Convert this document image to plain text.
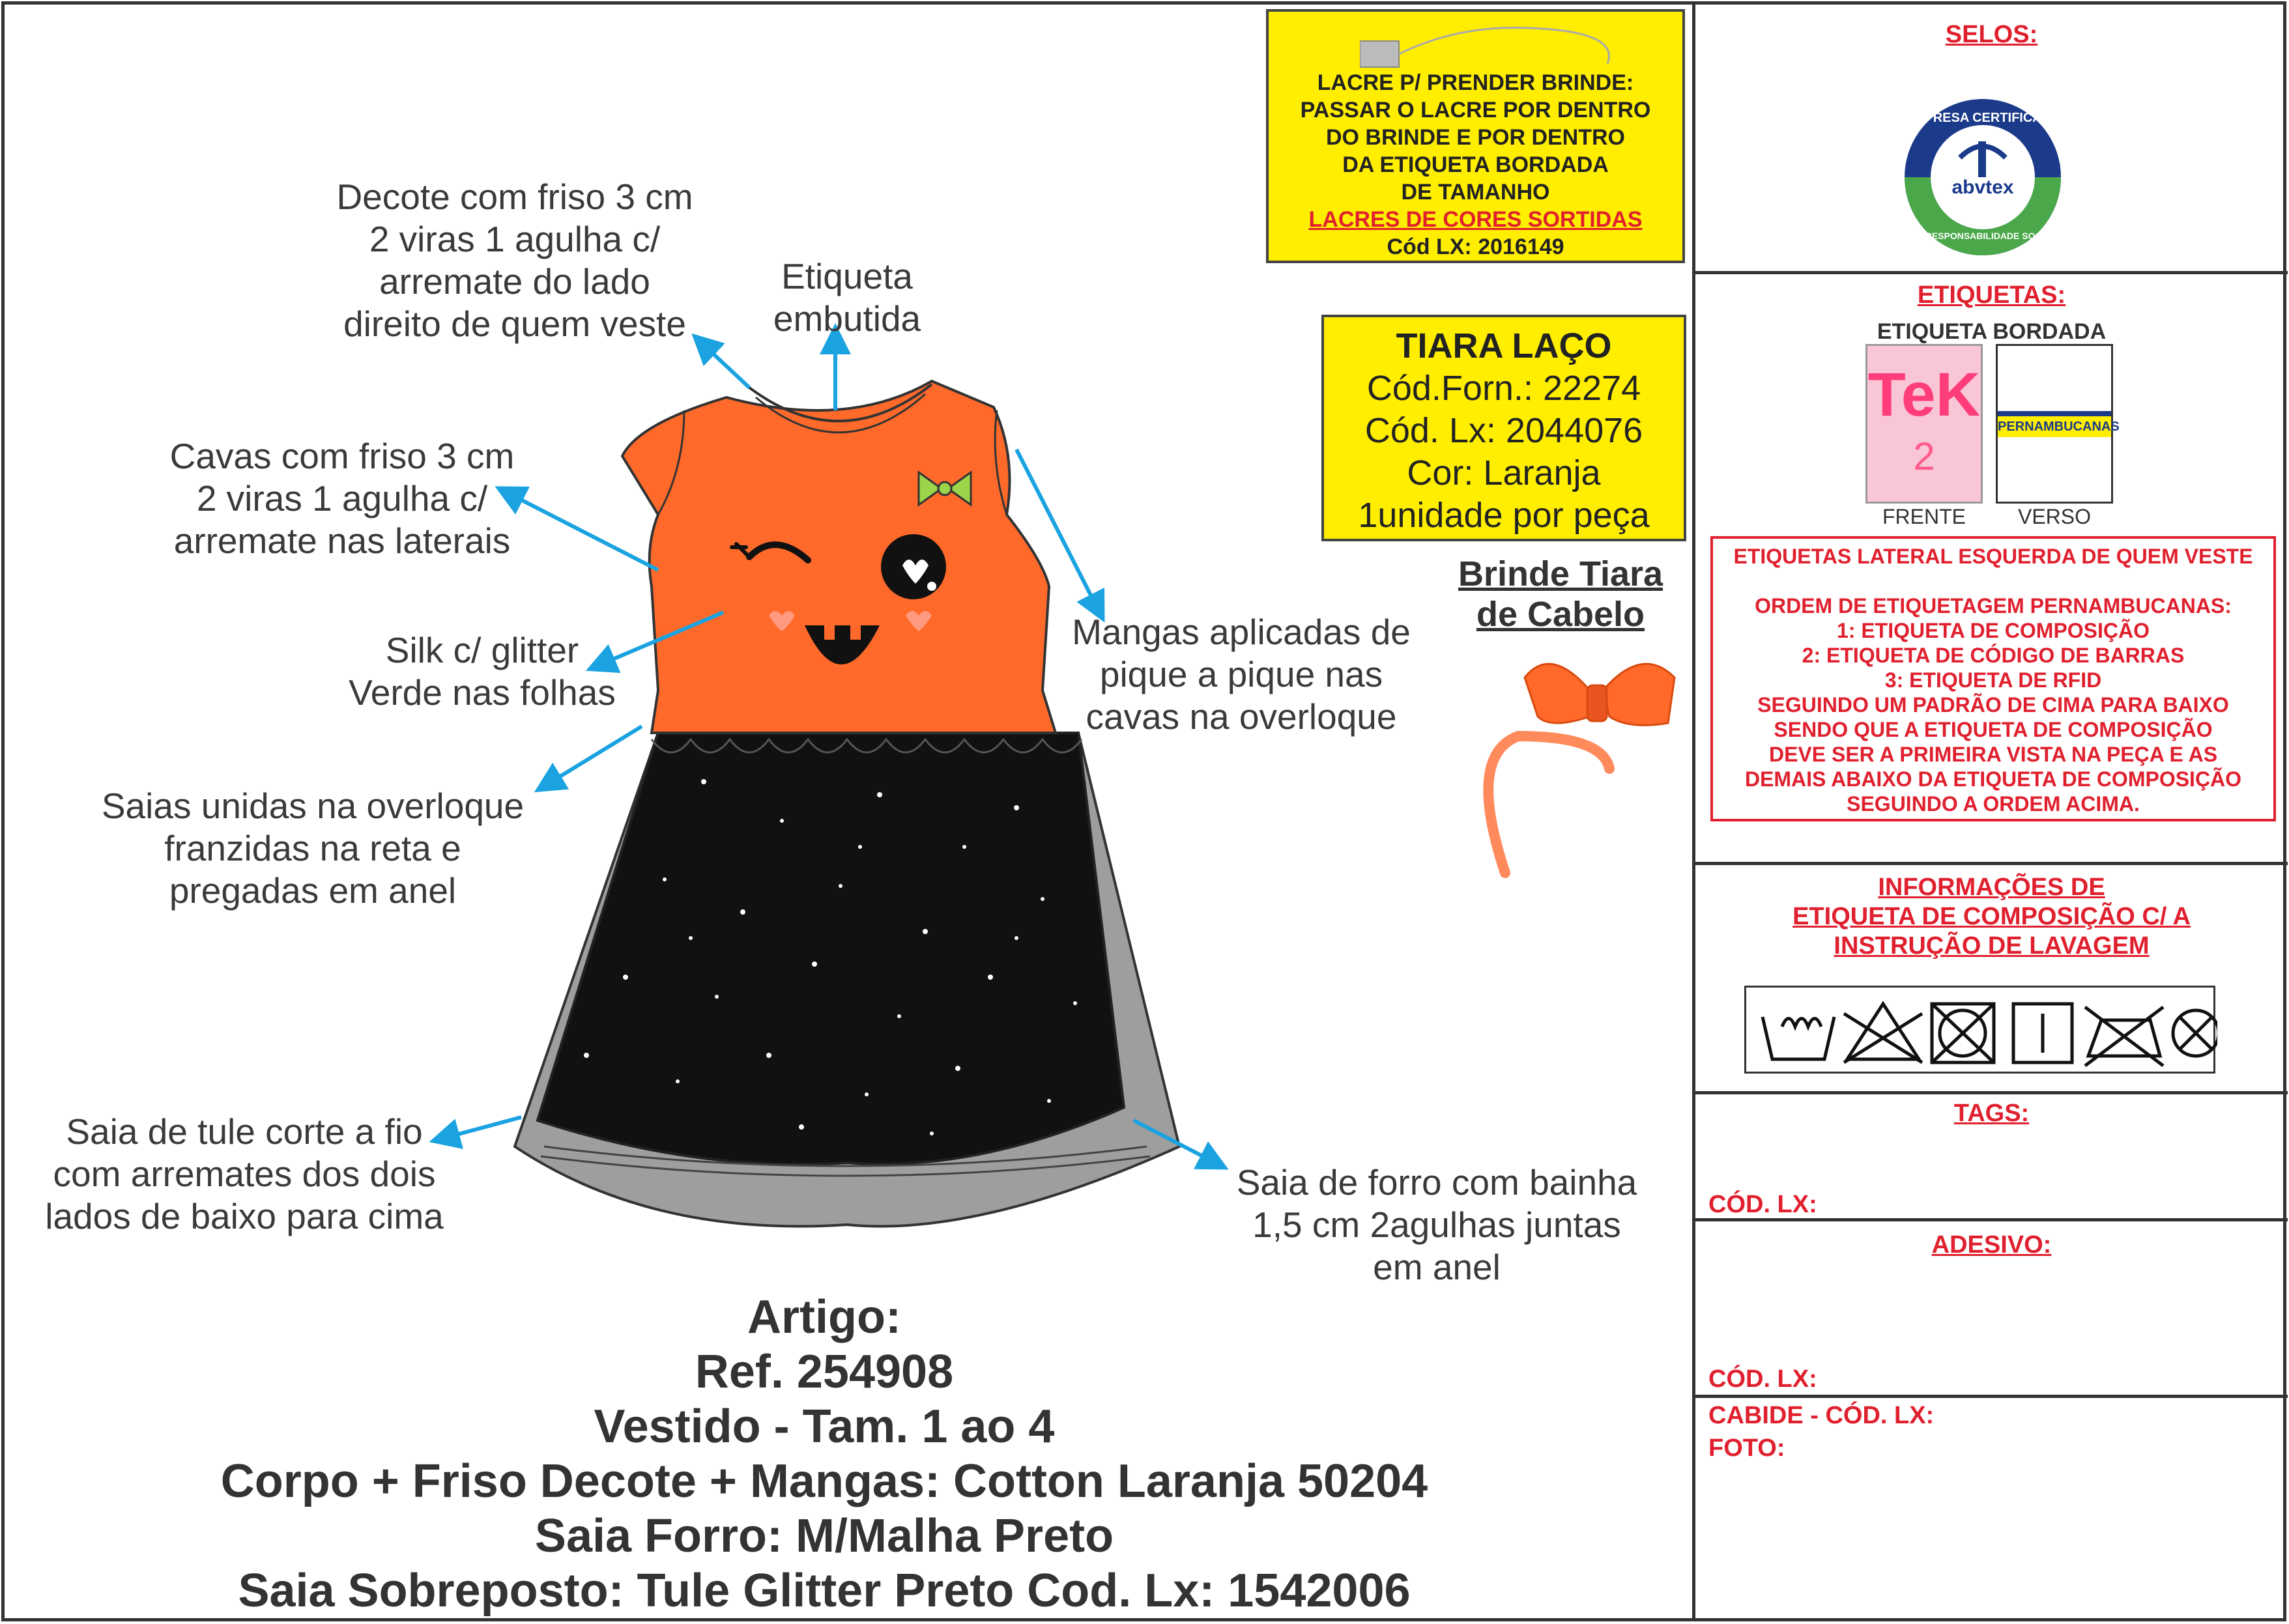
Decote com friso 3 cm
2 viras 1 agulha c/
arremate do lado
direito de quem veste
Etiqueta
embutida
Cavas com friso 3 cm
2 viras 1 agulha c/
arremate nas laterais
Silk c/ glitter
Verde nas folhas
Mangas aplicadas de
pique a pique nas
cavas na overloque
Saias unidas na overloque
franzidas na reta e
pregadas em anel
Saia de tule corte a fio
com arremates dos dois
lados de baixo para cima
Saia de forro com bainha
1,5 cm 2agulhas juntas
em anel
LACRE P/ PRENDER BRINDE:
PASSAR O LACRE POR DENTRO
DO BRINDE E POR DENTRO
DA ETIQUETA BORDADA
DE TAMANHO
LACRES DE CORES SORTIDAS
Cód LX: 2016149
TIARA LAÇO
Cód.Forn.: 22274
Cód. Lx: 2044076
Cor: Laranja
1unidade por peça
Brinde Tiara
de Cabelo
Artigo:
Ref. 254908
Vestido - Tam. 1 ao 4
Corpo + Friso Decote + Mangas: Cotton Laranja 50204
Saia Forro: M/Malha Preto
Saia Sobreposto: Tule Glitter Preto Cod. Lx: 1542006
SELOS:
EMPRESA CERTIFICADA
abvtex
EM RESPONSABILIDADE SOCIAL
ETIQUETAS:
ETIQUETA BORDADA
TeK
2
PERNAMBUCANAS
FRENTE	VERSO
ETIQUETAS LATERAL ESQUERDA DE QUEM VESTE
ORDEM DE ETIQUETAGEM PERNAMBUCANAS:
1: ETIQUETA DE COMPOSIÇÃO
2: ETIQUETA DE CÓDIGO DE BARRAS
3: ETIQUETA DE RFID
SEGUINDO UM PADRÃO DE CIMA PARA BAIXO
SENDO QUE A ETIQUETA DE COMPOSIÇÃO
DEVE SER A PRIMEIRA VISTA NA PEÇA E AS
DEMAIS ABAIXO DA ETIQUETA DE COMPOSIÇÃO
SEGUINDO A ORDEM ACIMA.
INFORMAÇÕES DE
ETIQUETA DE COMPOSIÇÃO C/ A
INSTRUÇÃO DE LAVAGEM
TAGS:
CÓD. LX:
ADESIVO:
CÓD. LX:
CABIDE - CÓD. LX:
FOTO:
